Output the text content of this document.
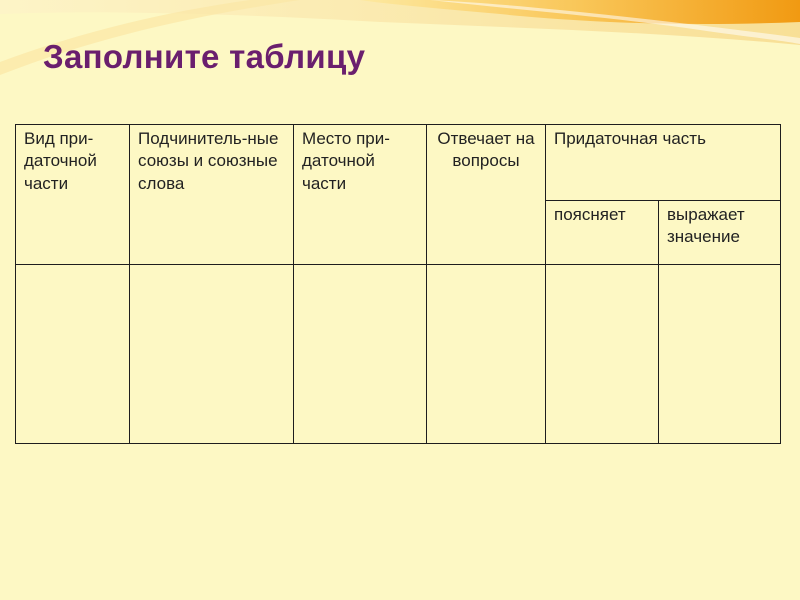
Заполните таблицу
Вид при-даточной части	Подчинитель-ные союзы и союзные слова	Место при-даточной части	Отвечает на вопросы	Придаточная часть	
				поясняет	выражает значение
